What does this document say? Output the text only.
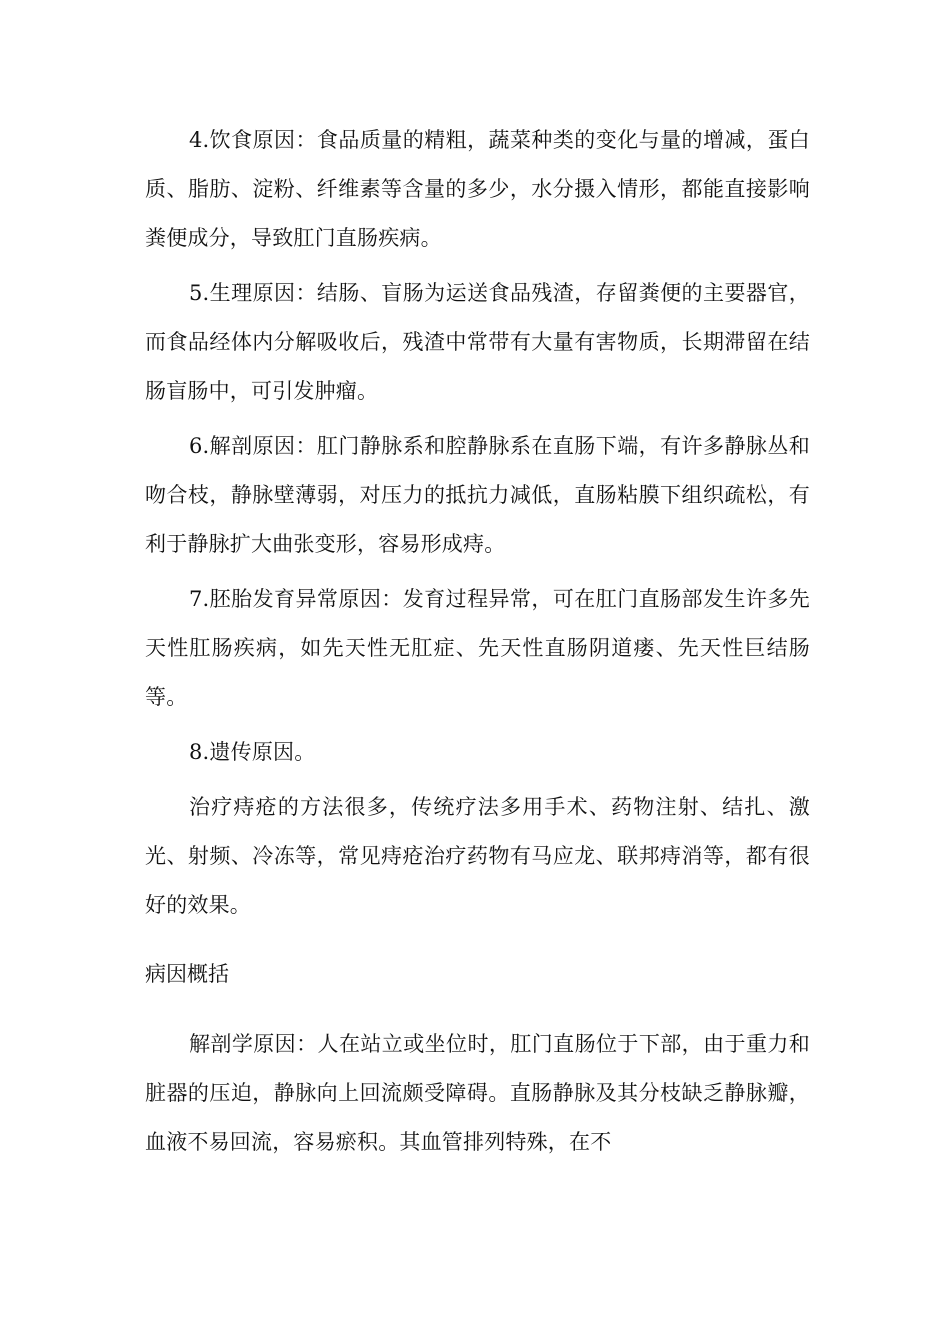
4.饮食原因：食品质量的精粗，蔬菜种类的变化与量的增减，蛋白质、脂肪、淀粉、纤维素等含量的多少，水分摄入情形，都能直接影响粪便成分，导致肛门直肠疾病。

5.生理原因：结肠、盲肠为运送食品残渣，存留粪便的主要器官，而食品经体内分解吸收后，残渣中常带有大量有害物质，长期滞留在结肠盲肠中，可引发肿瘤。

6.解剖原因：肛门静脉系和腔静脉系在直肠下端，有许多静脉丛和吻合枝，静脉壁薄弱，对压力的抵抗力减低，直肠粘膜下组织疏松，有利于静脉扩大曲张变形，容易形成痔。

7.胚胎发育异常原因：发育过程异常，可在肛门直肠部发生许多先天性肛肠疾病，如先天性无肛症、先天性直肠阴道瘘、先天性巨结肠等。

8.遗传原因。

治疗痔疮的方法很多，传统疗法多用手术、药物注射、结扎、激光、射频、冷冻等，常见痔疮治疗药物有马应龙、联邦痔消等，都有很好的效果。

病因概括

解剖学原因：人在站立或坐位时，肛门直肠位于下部，由于重力和脏器的压迫，静脉向上回流颇受障碍。直肠静脉及其分枝缺乏静脉瓣，血液不易回流，容易瘀积。其血管排列特殊，在不
